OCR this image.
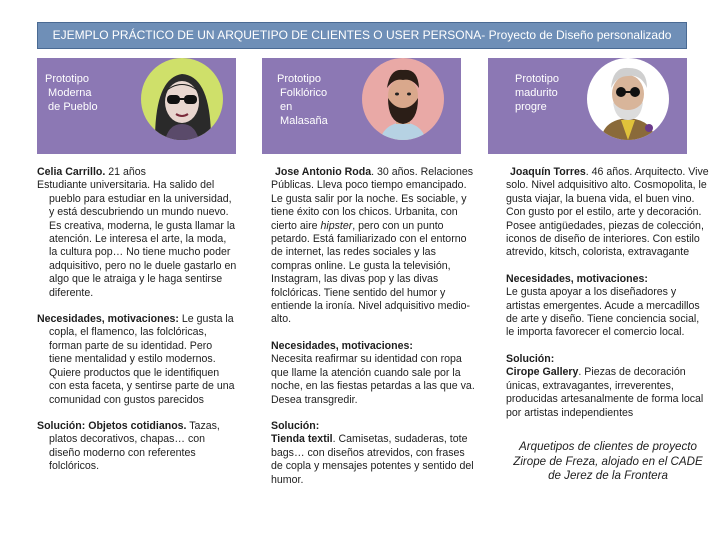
EJEMPLO PRÁCTICO DE UN ARQUETIPO DE CLIENTES O USER PERSONA- Proyecto de Diseño personalizado
Prototipo
Moderna
de Pueblo
Prototipo
Folklórico
en
Malasaña
Prototipo
madurito
progre

Celia Carrillo. 21 años

Estudiante universitaria. Ha salido del pueblo para estudiar en la universidad, y está descubriendo un mundo nuevo. Es creativa, moderna, le gusta llamar la atención. Le interesa el arte, la moda, la cultura pop… No tiene mucho poder adquisitivo, pero no le duele gastarlo en algo que le atraiga y le haga sentirse diferente.

Necesidades, motivaciones: Le gusta la

copla, el flamenco, las folclóricas, forman parte de su identidad. Pero tiene mentalidad y estilo modernos. Quiere productos que le identifiquen con esta faceta, y sentirse parte de una comunidad con gustos parecidos

Solución: Objetos cotidianos. Tazas,

platos decorativos, chapas… con diseño moderno con referentes folclóricos.

Jose Antonio Roda. 30 años. Relaciones Públicas. Lleva poco tiempo emancipado. Le gusta salir por la noche. Es sociable, y tiene éxito con los chicos. Urbanita, con cierto aire hipster, pero con un punto petardo. Está familiarizado con el entorno de internet, las redes sociales y las compras online. Le gusta la televisión, Instagram, las divas pop y las divas folclóricas. Tiene sentido del humor y entiende la ironía. Nivel adquisitivo medio-alto.

Necesidades, motivaciones:

Necesita reafirmar su identidad con ropa que llame la atención cuando sale por la noche, en las fiestas petardas a las que va. Desea transgredir.

Solución:

Tienda textil. Camisetas, sudaderas, tote bags… con diseños atrevidos, con frases de copla y mensajes potentes y sentido del humor.

Joaquín Torres. 46 años. Arquitecto. Vive solo. Nivel adquisitivo alto. Cosmopolita, le gusta viajar, la buena vida, el buen vino. Con gusto por el estilo, arte y decoración. Posee antigüedades, piezas de colección, iconos de diseño de interiores. Con estilo atrevido, kitsch, colorista, extravagante

Necesidades, motivaciones:

Le gusta apoyar a los diseñadores y artistas emergentes. Acude a mercadillos de arte y diseño. Tiene conciencia social, le importa favorecer el comercio local.

Solución:

Cirope Gallery. Piezas de decoración únicas, extravagantes, irreverentes, producidas artesanalmente de forma local por artistas independientes

Arquetipos de clientes de proyecto Zirope de Freza, alojado en el CADE de Jerez de la Frontera
